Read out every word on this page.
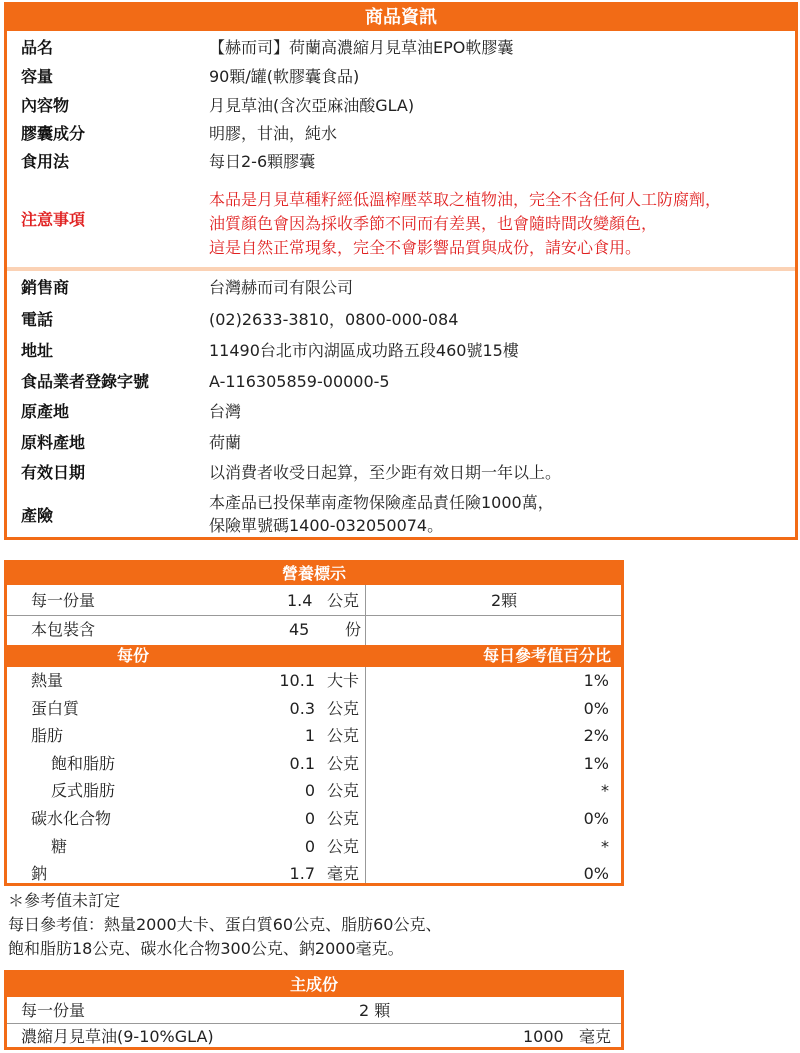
商品資訊
品名	【赫而司】荷蘭高濃縮月見草油EPO軟膠囊
容量	90顆/罐(軟膠囊食品)
內容物	月見草油(含次亞麻油酸GLA)
膠囊成分	明膠，甘油，純水
食用法	每日2-6顆膠囊
注意事項
本品是月見草種籽經低溫榨壓萃取之植物油，完全不含任何人工防腐劑，
油質顏色會因為採收季節不同而有差異，也會隨時間改變顏色，
這是自然正常現象，完全不會影響品質與成份，請安心食用。
銷售商	台灣赫而司有限公司
電話	(02)2633-3810，0800-000-084
地址	11490台北市內湖區成功路五段460號15樓
食品業者登錄字號	A-116305859-00000-5
原產地	台灣
原料產地	荷蘭
有效日期	以消費者收受日起算，至少距有效日期一年以上。
產險
本產品已投保華南產物保險產品責任險1000萬，
保險單號碼1400-032050074。
營養標示
每一份量	1.4 公克	2顆
本包裝含	45 份
每份	每日參考值百分比
熱量	10.1 大卡	1%
蛋白質	0.3 公克	0%
脂肪	1 公克	2%
飽和脂肪	0.1 公克	1%
反式脂肪	0 公克	*
碳水化合物	0 公克	0%
糖	0 公克	*
鈉	1.7 毫克	0%
＊參考值未訂定
每日參考值：熱量2000大卡、蛋白質60公克、脂肪60公克、
飽和脂肪18公克、碳水化合物300公克、鈉2000毫克。
主成份
每一份量	2 顆
濃縮月見草油(9-10%GLA)	1000 毫克
